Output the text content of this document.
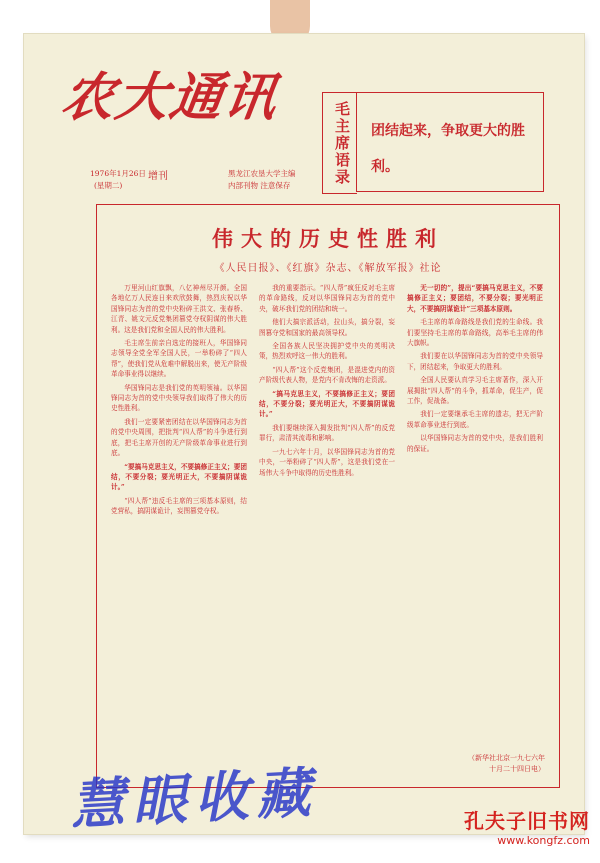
农大通讯
毛主席语录	团结起来，争取更大的胜利。
1976年1月26日
(星期二)
增刊	黑龙江农垦大学主编
内部刊物 注意保存
伟大的历史性胜利
《人民日报》、《红旗》杂志、《解放军报》社论

万里河山红旗飘，八亿神州尽开颜。全国各地亿万人民连日来欢欣鼓舞，热烈庆祝以华国锋同志为首的党中央粉碎王洪文、张春桥、江青、姚文元反党集团篡党夺权阴谋的伟大胜利。这是我们党和全国人民的伟大胜利。

毛主席生前亲自选定的接班人，华国锋同志领导全党全军全国人民，一举粉碎了“四人帮”，使我们党从危难中解脱出来，使无产阶级革命事业得以继续。

华国锋同志是我们党的英明领袖。以华国锋同志为首的党中央领导我们取得了伟大的历史性胜利。

我们一定要紧密团结在以华国锋同志为首的党中央周围，把批判“四人帮”的斗争进行到底，把毛主席开创的无产阶级革命事业进行到底。

“要搞马克思主义，不要搞修正主义；要团结，不要分裂；要光明正大，不要搞阴谋诡计。”

“四人帮”违反毛主席的三项基本原则，结党营私，搞阴谋诡计，妄图篡党夺权。

我的重要指示。“四人帮”疯狂反对毛主席的革命路线，反对以华国锋同志为首的党中央，破坏我们党的团结和统一。

他们大搞宗派活动，拉山头，搞分裂，妄图篡夺党和国家的最高领导权。

全国各族人民坚决拥护党中央的英明决策，热烈欢呼这一伟大的胜利。

“四人帮”这个反党集团，是混进党内的资产阶级代表人物，是党内不肯改悔的走资派。

“搞马克思主义，不要搞修正主义；要团结，不要分裂；要光明正大，不要搞阴谋诡计。”

我们要继续深入揭发批判“四人帮”的反党罪行，肃清其流毒和影响。

一九七六年十月，以华国锋同志为首的党中央，一举粉碎了“四人帮”，这是我们党在一场伟大斗争中取得的历史性胜利。

无一切的”，提出“要搞马克思主义，不要搞修正主义；要团结，不要分裂；要光明正大，不要搞阴谋诡计”三项基本原则。

毛主席的革命路线是我们党的生命线。我们要坚持毛主席的革命路线，高举毛主席的伟大旗帜。

我们要在以华国锋同志为首的党中央领导下，团结起来，争取更大的胜利。

全国人民要认真学习毛主席著作，深入开展揭批“四人帮”的斗争，抓革命，促生产，促工作，促战备。

我们一定要继承毛主席的遗志，把无产阶级革命事业进行到底。

以华国锋同志为首的党中央，是我们胜利的保证。

（新华社北京一九七六年
十月二十四日电）
慧眼收藏	孔夫子旧书网
www.kongfz.com
